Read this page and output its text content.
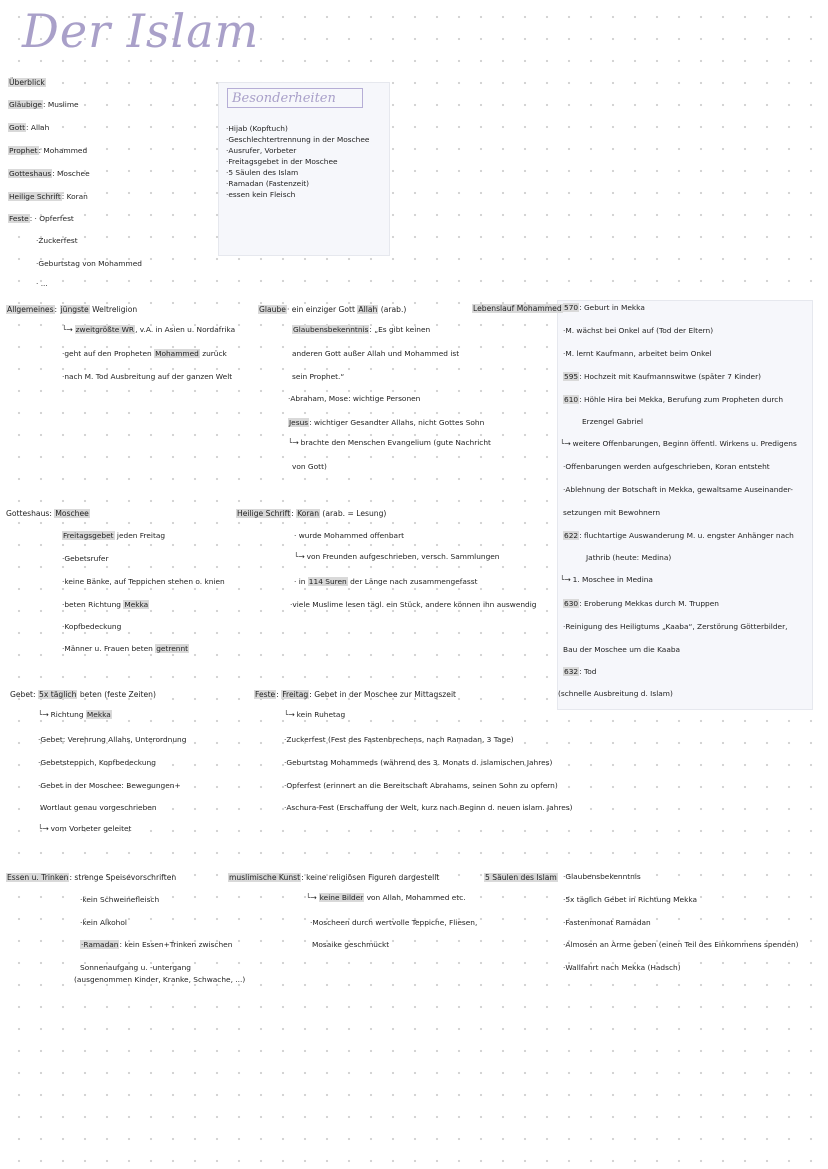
Der Islam
Überblick
Gläubige: Muslime
Gott: Allah
Prophet: Mohammed
Gotteshaus: Moschee
Heilige Schrift: Koran
Feste: · Opferfest
·Zuckerfest
·Geburtstag von Mohammed
· ...
Besonderheiten
·Hijab (Kopftuch)
·Geschlechtertrennung in der Moschee
·Ausrufer, Vorbeter
·Freitagsgebet in der Moschee
·5 Säulen des Islam
·Ramadan (Fastenzeit)
·essen kein Fleisch
Allgemeines: jüngste Weltreligion
└→ zweitgrößte WR, v.A. in Asien u. Nordafrika
·geht auf den Propheten Mohammed zurück
·nach M. Tod Ausbreitung auf der ganzen Welt
Glaube· ein einziger Gott Allah (arab.)
Glaubensbekenntnis: „Es gibt keinen
anderen Gott außer Allah und Mohammed ist
sein Prophet.“
·Abraham, Mose: wichtige Personen
Jesus: wichtiger Gesandter Allahs, nicht Gottes Sohn
└→ brachte den Menschen Evangelium (gute Nachricht
von Gott)
Lebenslauf Mohammed 570: Geburt in Mekka
·M. wächst bei Onkel auf (Tod der Eltern)
·M. lernt Kaufmann, arbeitet beim Onkel
595: Hochzeit mit Kaufmannswitwe (später 7 Kinder)
610: Höhle Hira bei Mekka, Berufung zum Propheten durch
Erzengel Gabriel
└→ weitere Offenbarungen, Beginn öffentl. Wirkens u. Predigens
·Offenbarungen werden aufgeschrieben, Koran entsteht
·Ablehnung der Botschaft in Mekka, gewaltsame Auseinander-
setzungen mit Bewohnern
622: fluchtartige Auswanderung M. u. engster Anhänger nach
Jathrib (heute: Medina)
└→ 1. Moschee in Medina
630: Eroberung Mekkas durch M. Truppen
·Reinigung des Heiligtums „Kaaba“, Zerstörung Götterbilder,
Bau der Moschee um die Kaaba
632: Tod
(schnelle Ausbreitung d. Islam)
Gotteshaus: Moschee
Freitagsgebet jeden Freitag
·Gebetsrufer
·keine Bänke, auf Teppichen stehen o. knien
·beten Richtung Mekka
·Kopfbedeckung
·Männer u. Frauen beten getrennt
Heilige Schrift: Koran (arab. = Lesung)
· wurde Mohammed offenbart
└→ von Freunden aufgeschrieben, versch. Sammlungen
· in 114 Suren der Länge nach zusammengefasst
·viele Muslime lesen tägl. ein Stück, andere können ihn auswendig
Gebet: 5x täglich beten (feste Zeiten)
└→ Richtung Mekka
·Gebet: Verehrung Allahs, Unterordnung
·Gebetsteppich, Kopfbedeckung
·Gebet in der Moschee: Bewegungen+
Wortlaut genau vorgeschrieben
└→ vom Vorbeter geleitet
Feste: Freitag: Gebet in der Moschee zur Mittagszeit
└→ kein Ruhetag
·Zuckerfest (Fest des Fastenbrechens, nach Ramadan, 3 Tage)
·Geburtstag Mohammeds (während des 3. Monats d. islamischen Jahres)
·Opferfest (erinnert an die Bereitschaft Abrahams, seinen Sohn zu opfern)
·Aschura-Fest (Erschaffung der Welt, kurz nach Beginn d. neuen islam. Jahres)
Essen u. Trinken: strenge Speisevorschriften
·kein Schweinefleisch
·kein Alkohol
·Ramadan: kein Essen+Trinken zwischen
Sonnenaufgang u. -untergang
(ausgenommen Kinder, Kranke, Schwache, ...)
muslimische Kunst: keine religiösen Figuren dargestellt
└→ keine Bilder von Allah, Mohammed etc.
·Moscheen durch wertvolle Teppiche, Fliesen,
Mosaike geschmückt
5 Säulen des Islam ·Glaubensbekenntnis
·5x täglich Gebet in Richtung Mekka
·Fastenmonat Ramadan
·Almosen an Arme geben (einen Teil des Einkommens spenden)
·Wallfahrt nach Mekka (Hadsch)
